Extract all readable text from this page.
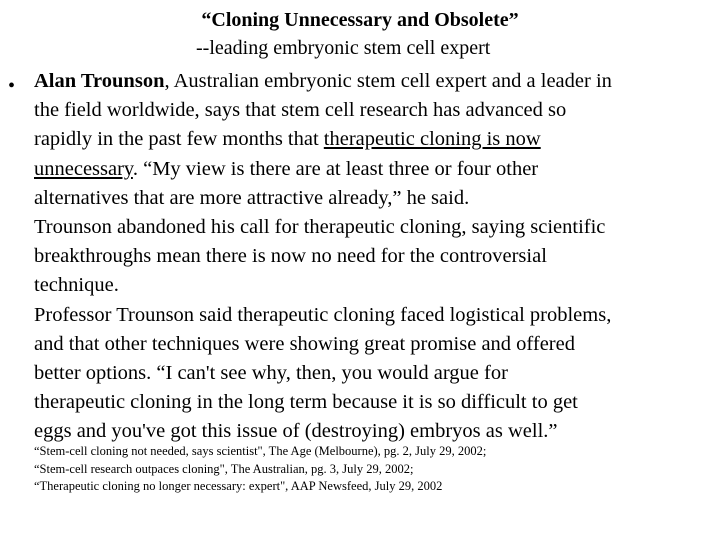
“Cloning Unnecessary and Obsolete”
--leading embryonic stem cell expert
• Alan Trounson, Australian embryonic stem cell expert and a leader in
the field worldwide, says that stem cell research has advanced so
rapidly in the past few months that therapeutic cloning is now
unnecessary. “My view is there are at least three or four other
alternatives that are more attractive already,” he said.
Trounson abandoned his call for therapeutic cloning, saying scientific
breakthroughs mean there is now no need for the controversial
technique.
Professor Trounson said therapeutic cloning faced logistical problems,
and that other techniques were showing great promise and offered
better options. “I can't see why, then, you would argue for
therapeutic cloning in the long term because it is so difficult to get
eggs and you've got this issue of (destroying) embryos as well.”
“Stem-cell cloning not needed, says scientist", The Age (Melbourne), pg. 2, July 29, 2002;
“Stem-cell research outpaces cloning", The Australian, pg. 3, July 29, 2002;
“Therapeutic cloning no longer necessary: expert", AAP Newsfeed, July 29, 2002
